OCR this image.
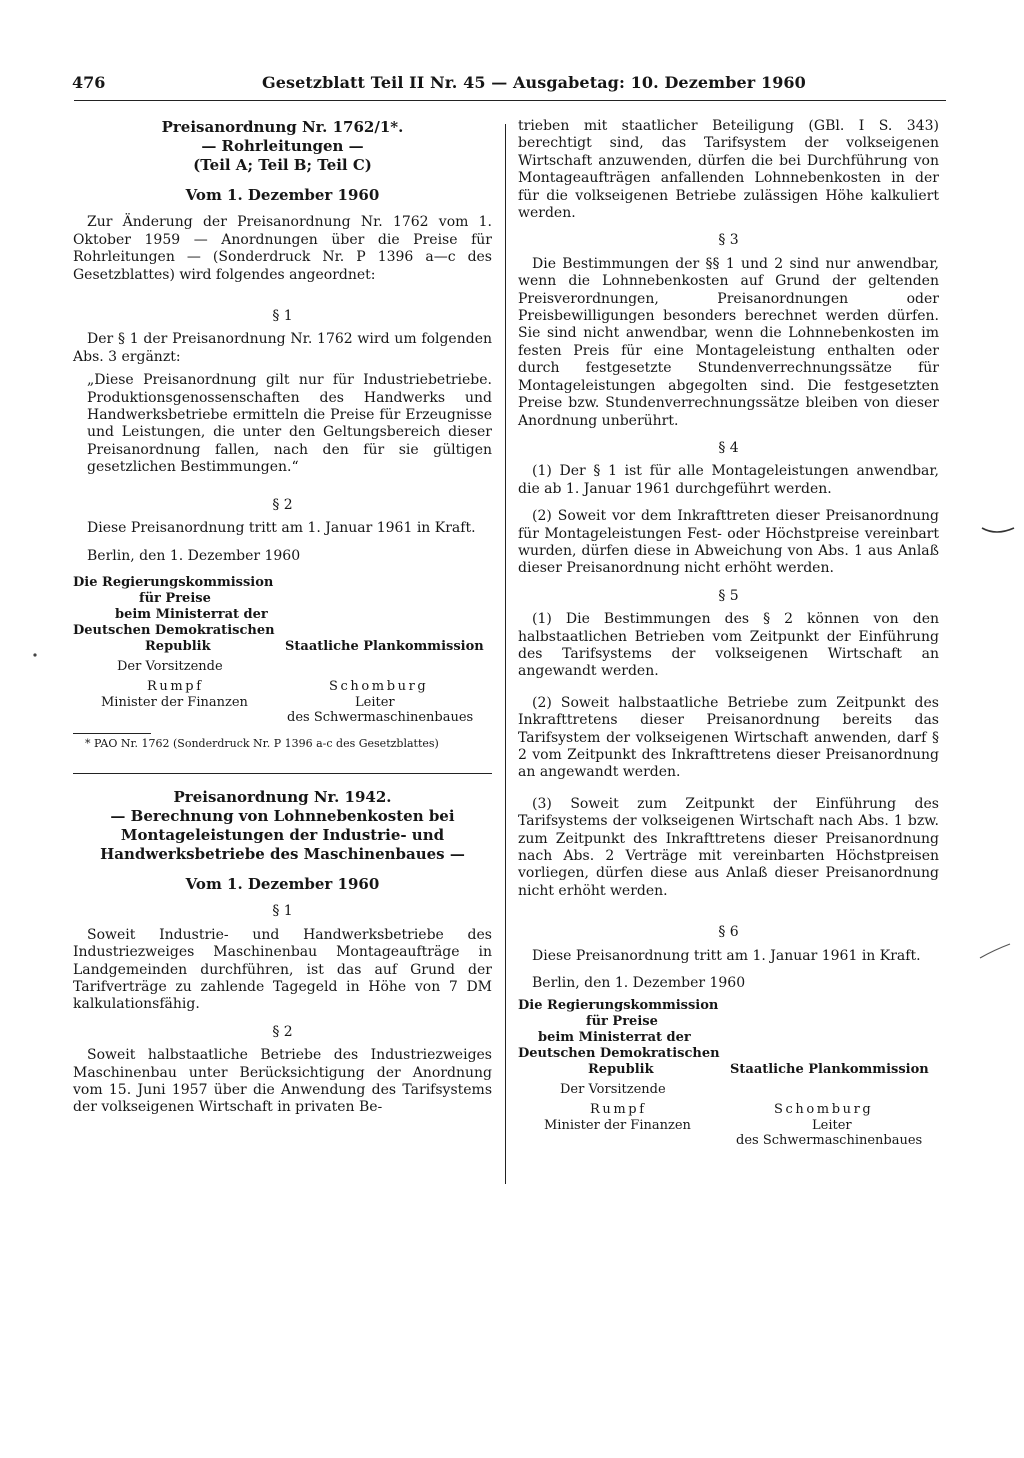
476	Gesetzblatt Teil II Nr. 45 — Ausgabetag: 10. Dezember 1960
Preisanordnung Nr. 1762/1*.
— Rohrleitungen —
(Teil A; Teil B; Teil C)
Vom 1. Dezember 1960

Zur Änderung der Preisanordnung Nr. 1762 vom 1. Oktober 1959 — Anordnungen über die Preise für Rohrleitungen — (Sonderdruck Nr. P 1396 a—c des Gesetzblattes) wird folgendes angeordnet:

§ 1

Der § 1 der Preisanordnung Nr. 1762 wird um folgenden Abs. 3 ergänzt:

„Diese Preisanordnung gilt nur für Industriebetriebe. Produktionsgenossenschaften des Handwerks und Handwerksbetriebe ermitteln die Preise für Erzeugnisse und Leistungen, die unter den Geltungsbereich dieser Preisanordnung fallen, nach den für sie gültigen gesetzlichen Bestimmungen.“

§ 2

Diese Preisanordnung tritt am 1. Januar 1961 in Kraft.

Berlin, den 1. Dezember 1960

Die Regierungskommission
für Preise
beim Ministerrat der
Deutschen Demokratischen
Republik	Staatliche Plankommission
Der Vorsitzende
Rumpf	Schomburg
Minister der Finanzen	Leiter
des Schwermaschinenbaues
* PAO Nr. 1762 (Sonderdruck Nr. P 1396 a-c des Gesetzblattes)
Preisanordnung Nr. 1942.
— Berechnung von Lohnnebenkosten bei Montageleistungen der Industrie- und Handwerksbetriebe des Maschinenbaues —
Vom 1. Dezember 1960
§ 1

Soweit Industrie- und Handwerksbetriebe des Industriezweiges Maschinenbau Montageaufträge in Landgemeinden durchführen, ist das auf Grund der Tarifverträge zu zahlende Tagegeld in Höhe von 7 DM kalkulationsfähig.

§ 2

Soweit halbstaatliche Betriebe des Industriezweiges Maschinenbau unter Berücksichtigung der Anordnung vom 15. Juni 1957 über die Anwendung des Tarifsystems der volkseigenen Wirtschaft in privaten Be-

trieben mit staatlicher Beteiligung (GBl. I S. 343) berechtigt sind, das Tarifsystem der volkseigenen Wirtschaft anzuwenden, dürfen die bei Durchführung von Montageaufträgen anfallenden Lohnnebenkosten in der für die volkseigenen Betriebe zulässigen Höhe kalkuliert werden.

§ 3

Die Bestimmungen der §§ 1 und 2 sind nur anwendbar, wenn die Lohnnebenkosten auf Grund der geltenden Preisverordnungen, Preisanordnungen oder Preisbewilligungen besonders berechnet werden dürfen. Sie sind nicht anwendbar, wenn die Lohnnebenkosten im festen Preis für eine Montageleistung enthalten oder durch festgesetzte Stundenverrechnungssätze für Montageleistungen abgegolten sind. Die festgesetzten Preise bzw. Stundenverrechnungssätze bleiben von dieser Anordnung unberührt.

§ 4

(1) Der § 1 ist für alle Montageleistungen anwendbar, die ab 1. Januar 1961 durchgeführt werden.

(2) Soweit vor dem Inkrafttreten dieser Preisanordnung für Montageleistungen Fest- oder Höchstpreise vereinbart wurden, dürfen diese in Abweichung von Abs. 1 aus Anlaß dieser Preisanordnung nicht erhöht werden.

§ 5

(1) Die Bestimmungen des § 2 können von den halbstaatlichen Betrieben vom Zeitpunkt der Einführung des Tarifsystems der volkseigenen Wirtschaft an angewandt werden.

(2) Soweit halbstaatliche Betriebe zum Zeitpunkt des Inkrafttretens dieser Preisanordnung bereits das Tarifsystem der volkseigenen Wirtschaft anwenden, darf § 2 vom Zeitpunkt des Inkrafttretens dieser Preisanordnung an angewandt werden.

(3) Soweit zum Zeitpunkt der Einführung des Tarifsystems der volkseigenen Wirtschaft nach Abs. 1 bzw. zum Zeitpunkt des Inkrafttretens dieser Preisanordnung nach Abs. 2 Verträge mit vereinbarten Höchstpreisen vorliegen, dürfen diese aus Anlaß dieser Preisanordnung nicht erhöht werden.

§ 6

Diese Preisanordnung tritt am 1. Januar 1961 in Kraft.

Berlin, den 1. Dezember 1960

Die Regierungskommission
für Preise
beim Ministerrat der
Deutschen Demokratischen
Republik	Staatliche Plankommission
Der Vorsitzende
Rumpf	Schomburg
Minister der Finanzen	Leiter
des Schwermaschinenbaues
